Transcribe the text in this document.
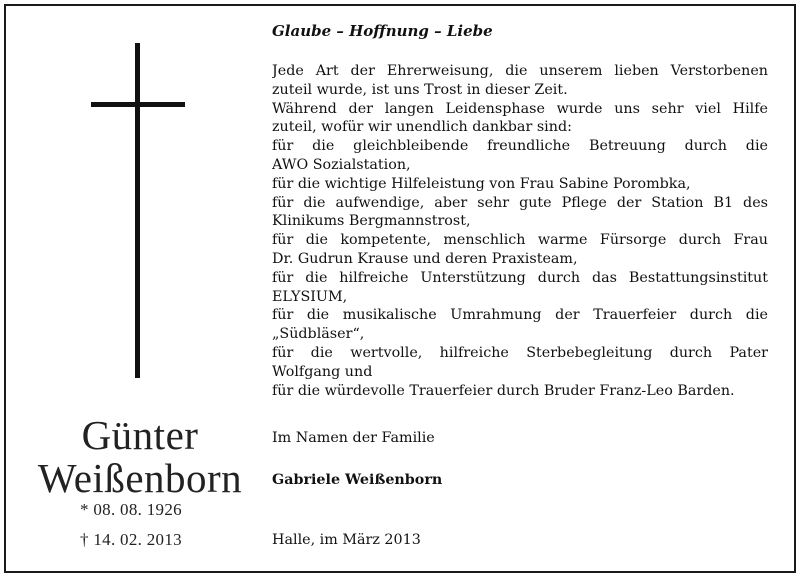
Günter
Weißenborn
* 08. 08. 1926
† 14. 02. 2013
Glaube – Hoffnung – Liebe
Jede Art der Ehrerweisung, die unserem lieben Verstorbenen
zuteil wurde, ist uns Trost in dieser Zeit.
Während der langen Leidensphase wurde uns sehr viel Hilfe
zuteil, wofür wir unendlich dankbar sind:
für die gleichbleibende freundliche Betreuung durch die
AWO Sozialstation,
für die wichtige Hilfeleistung von Frau Sabine Porombka,
für die aufwendige, aber sehr gute Pflege der Station B1 des
Klinikums Bergmannstrost,
für die kompetente, menschlich warme Fürsorge durch Frau
Dr. Gudrun Krause und deren Praxisteam,
für die hilfreiche Unterstützung durch das Bestattungsinstitut
ELYSIUM,
für die musikalische Umrahmung der Trauerfeier durch die
„Südbläser“,
für die wertvolle, hilfreiche Sterbebegleitung durch Pater
Wolfgang und
für die würdevolle Trauerfeier durch Bruder Franz-Leo Barden.
Im Namen der Familie
Gabriele Weißenborn
Halle, im März 2013
